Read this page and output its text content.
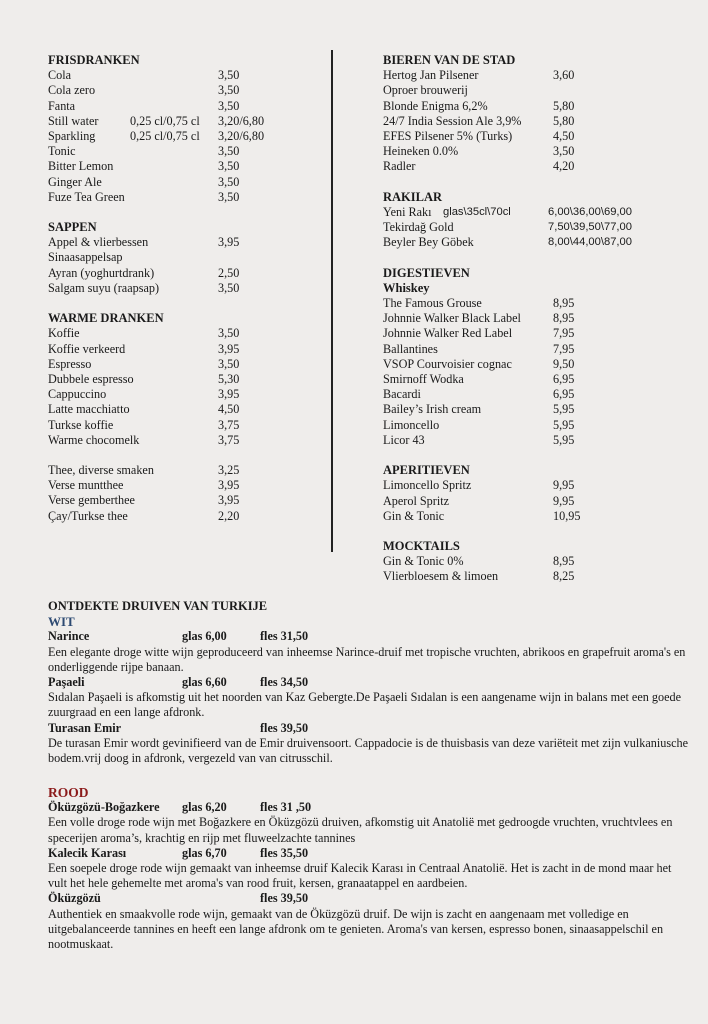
FRISDRANKEN
Cola	3,50
Cola zero	3,50
Fanta	3,50
Still water	0,25 cl/0,75 cl 3,20/6,80
Sparkling	0,25 cl/0,75 cl 3,20/6,80
Tonic	3,50
Bitter Lemon	3,50
Ginger Ale	3,50
Fuze Tea Green	3,50
SAPPEN
Appel & vlierbessen	3,95
Sinaasappelsap
Ayran (yoghurtdrank)	2,50
Salgam suyu (raapsap)	3,50
WARME DRANKEN
Koffie	3,50
Koffie verkeerd	3,95
Espresso	3,50
Dubbele espresso	5,30
Cappuccino	3,95
Latte macchiatto	4,50
Turkse koffie	3,75
Warme chocomelk	3,75
Thee, diverse smaken	3,25
Verse muntthee	3,95
Verse gemberthee	3,95
Çay/Turkse thee	2,20
BIEREN VAN DE STAD
Hertog Jan Pilsener	3,60
Oproer brouwerij
Blonde Enigma 6,2%	5,80
24/7 India Session Ale 3,9%	5,80
EFES Pilsener 5% (Turks)	4,50
Heineken 0.0%	3,50
Radler	4,20
RAKILAR
Yeni Rakı glas\35cl\70cl	6,00\36,00\69,00
Tekirdağ Gold	7,50\39,50\77,00
Beyler Bey Göbek	8,00\44,00\87,00
DIGESTIEVEN
Whiskey
The Famous Grouse	8,95
Johnnie Walker Black Label	8,95
Johnnie Walker Red Label	7,95
Ballantines	7,95
VSOP Courvoisier cognac	9,50
Smirnoff Wodka	6,95
Bacardi	6,95
Bailey’s Irish cream	5,95
Limoncello	5,95
Licor 43	5,95
APERITIEVEN
Limoncello Spritz	9,95
Aperol Spritz	9,95
Gin & Tonic	10,95
MOCKTAILS
Gin & Tonic 0%	8,95
Vlierbloesem & limoen	8,25
ONTDEKTE DRUIVEN VAN TURKIJE
WIT
Narince	glas 6,00	fles 31,50

Een elegante droge witte wijn geproduceerd van inheemse Narince-druif met tropische vruchten, abrikoos en grapefruit aroma's en onderliggende rijpe banaan.

Paşaeli	glas 6,60	fles 34,50

Sıdalan Paşaeli is afkomstig uit het noorden van Kaz Gebergte.De Paşaeli Sıdalan is een aangename wijn in balans met een goede zuurgraad en een lange afdronk.

Turasan Emir	fles 39,50

De turasan Emir wordt gevinifieerd van de Emir druivensoort. Cappadocie is de thuisbasis van deze variëteit met zijn vulkaniusche bodem.vrij doog in afdronk, vergezeld van van citrusschil.

ROOD
Öküzgözü-Boğazkere glas 6,20	fles 31 ,50

Een volle droge rode wijn met Boğazkere en Öküzgözü druiven, afkomstig uit Anatolië met gedroogde vruchten, vruchtvlees en specerijen aroma’s, krachtig en rijp met fluweelzachte tannines

Kalecik Karası	glas 6,70	fles 35,50

Een soepele droge rode wijn gemaakt van inheemse druif Kalecik Karası in Centraal Anatolië. Het is zacht in de mond maar het vult het hele gehemelte met aroma's van rood fruit, kersen, granaatappel en aardbeien.

Öküzgözü	fles 39,50

Authentiek en smaakvolle rode wijn, gemaakt van de Öküzgözü druif. De wijn is zacht en aangenaam met volledige en uitgebalanceerde tannines en heeft een lange afdronk om te genieten. Aroma's van kersen, espresso bonen, sinaasappelschil en nootmuskaat.
